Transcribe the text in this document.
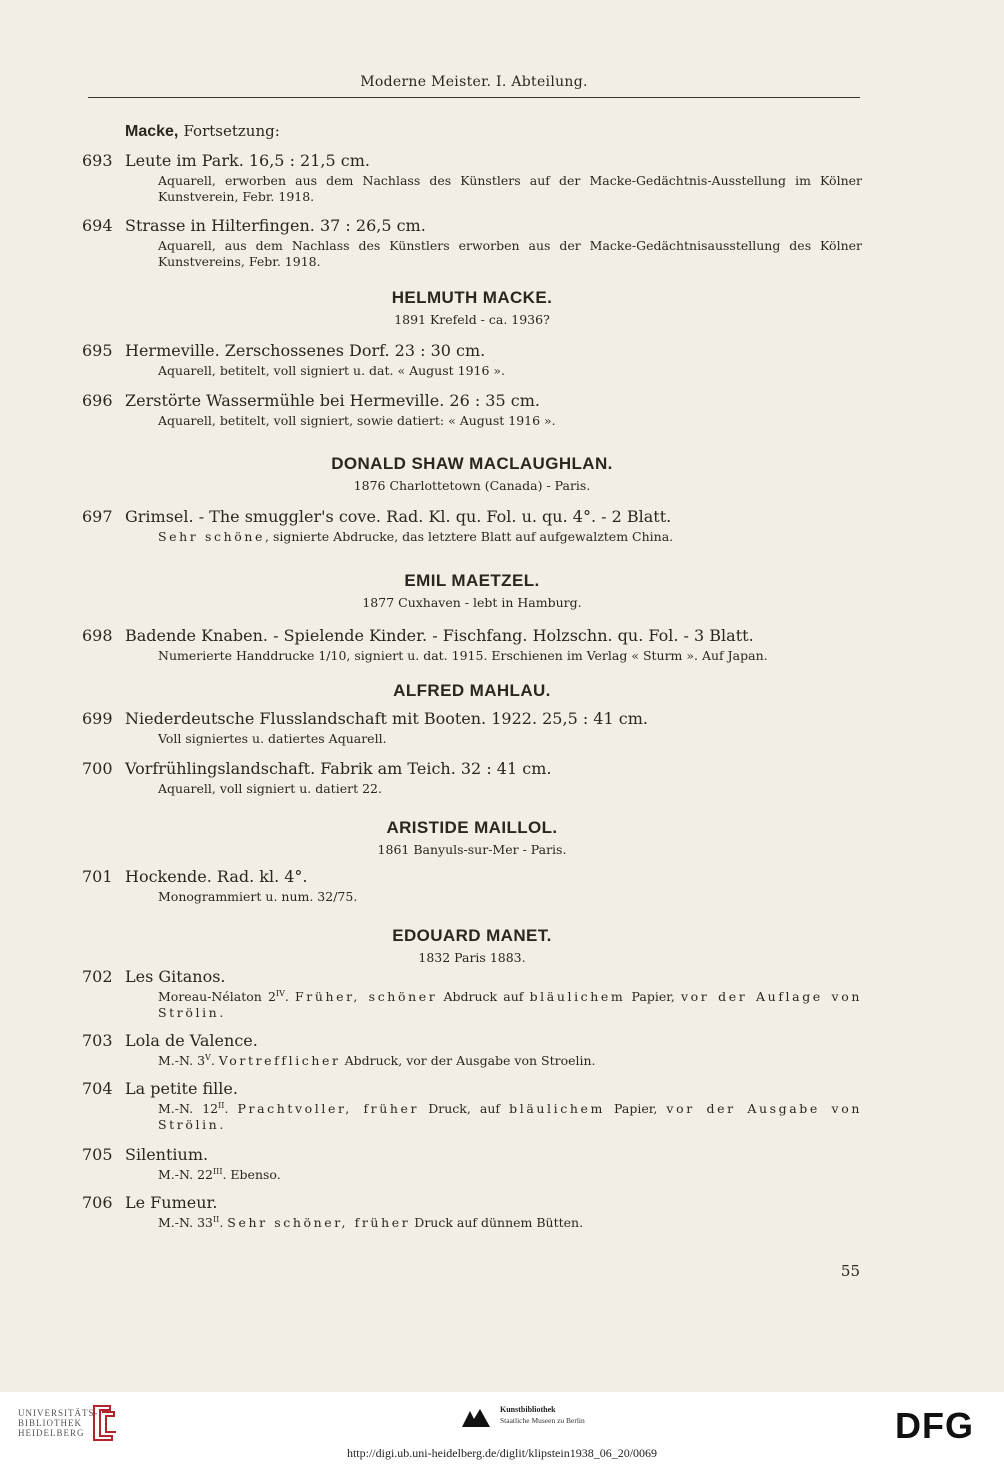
Moderne Meister. I. Abteilung.
Macke, Fortsetzung:
693 Leute im Park. 16,5 : 21,5 cm.
Aquarell, erworben aus dem Nachlass des Künstlers auf der Macke-Gedächtnis-Ausstellung im Kölner Kunstverein, Febr. 1918.
694 Strasse in Hilterfingen. 37 : 26,5 cm.
Aquarell, aus dem Nachlass des Künstlers erworben aus der Macke-Gedächtnisausstellung des Kölner Kunstvereins, Febr. 1918.
HELMUTH MACKE.
1891 Krefeld - ca. 1936?
695 Hermeville. Zerschossenes Dorf. 23 : 30 cm.
Aquarell, betitelt, voll signiert u. dat. « August 1916 ».
696 Zerstörte Wassermühle bei Hermeville. 26 : 35 cm.
Aquarell, betitelt, voll signiert, sowie datiert: « August 1916 ».
DONALD SHAW MACLAUGHLAN.
1876 Charlottetown (Canada) - Paris.
697 Grimsel. - The smuggler's cove. Rad. Kl. qu. Fol. u. qu. 4°. - 2 Blatt.
Sehr schöne, signierte Abdrucke, das letztere Blatt auf aufgewalztem China.
EMIL MAETZEL.
1877 Cuxhaven - lebt in Hamburg.
698 Badende Knaben. - Spielende Kinder. - Fischfang. Holzschn. qu. Fol. - 3 Blatt.
Numerierte Handdrucke 1/10, signiert u. dat. 1915. Erschienen im Verlag « Sturm ». Auf Japan.
ALFRED MAHLAU.
699 Niederdeutsche Flusslandschaft mit Booten. 1922. 25,5 : 41 cm.
Voll signiertes u. datiertes Aquarell.
700 Vorfrühlingslandschaft. Fabrik am Teich. 32 : 41 cm.
Aquarell, voll signiert u. datiert 22.
ARISTIDE MAILLOL.
1861 Banyuls-sur-Mer - Paris.
701 Hockende. Rad. kl. 4°.
Monogrammiert u. num. 32/75.
EDOUARD MANET.
1832 Paris 1883.
702 Les Gitanos.
Moreau-Nélaton $2^{IV}$. Früher, schöner Abdruck auf bläulichem Papier, vor der Auflage von Strölin.
703 Lola de Valence.
M.-N. $3^V$. Vortrefflicher Abdruck, vor der Ausgabe von Stroelin.
704 La petite fille.
M.-N. $12^{II}$. Prachtvoller, früher Druck, auf bläulichem Papier, vor der Ausgabe von Strölin.
705 Silentium.
M.-N. $22^{III}$. Ebenso.
706 Le Fumeur.
M.-N. $33^{II}$. Sehr schöner, früher Druck auf dünnem Bütten.
55
UNIVERSITÄTS-
BIBLIOTHEK
HEIDELBERG
Kunstbibliothek
Staatliche Museen zu Berlin	DFG
http://digi.ub.uni-heidelberg.de/diglit/klipstein1938_06_20/0069
